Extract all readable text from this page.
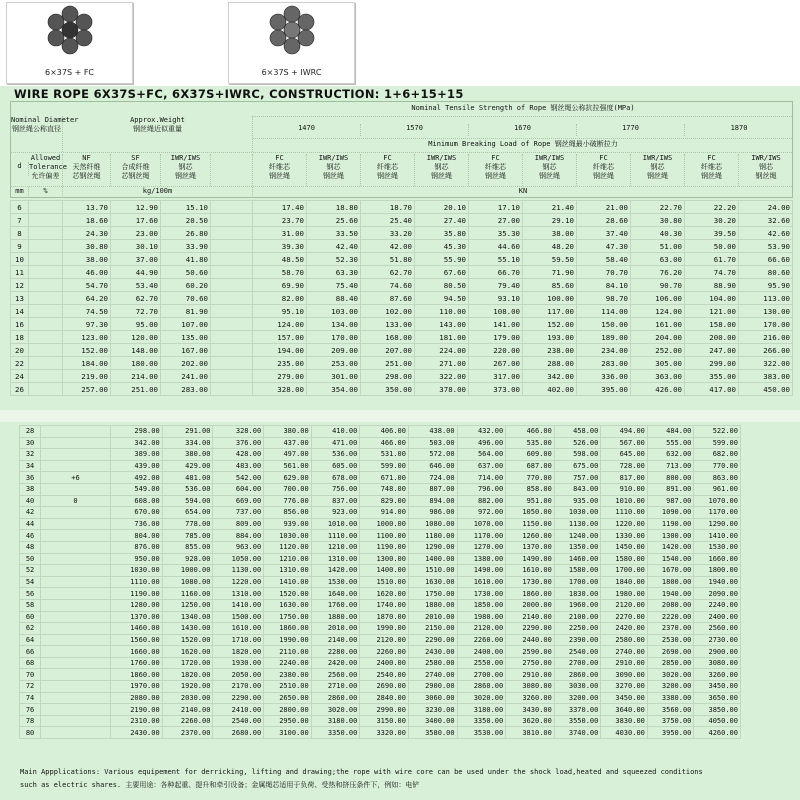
6×37S + FC	6×37S + IWRC
WIRE ROPE 6X37S+FC, 6X37S+IWRC, CONSTRUCTION: 1+6+15+15
Nominal Diameter
钢丝绳公称直径
Approx.Weight
钢丝绳近似重量
Nominal Tensile Strength of Rope 钢丝绳公称抗拉强度(MPa)
1470	1570	1670	1770	1870
Minimum Breaking Load of Rope 钢丝绳最小破断拉力
d
Allowed
Tolerance
允许偏差
NF
天然纤维
芯钢丝绳
SF
合成纤维
芯钢丝绳
IWR/IWS
钢芯
钢丝绳
FC
纤维芯
钢丝绳
IWR/IWS
钢芯
钢丝绳
FC
纤维芯
钢丝绳
IWR/IWS
钢芯
钢丝绳
FC
纤维芯
钢丝绳
IWR/IWS
钢芯
钢丝绳
FC
纤维芯
钢丝绳
IWR/IWS
钢芯
钢丝绳
FC
纤维芯
钢丝绳
IWR/IWS
钢芯
钢丝绳
mm	%	kg/100m	KN
6		13.70	12.90	15.10		17.40	18.80	18.70	20.10	17.10	21.40	21.00	22.70	22.20	24.00
7		18.60	17.60	20.50		23.70	25.60	25.40	27.40	27.00	29.10	28.60	30.80	30.20	32.60
8		24.30	23.00	26.80		31.00	33.50	33.20	35.80	35.30	38.00	37.40	40.30	39.50	42.60
9		30.80	30.10	33.90		39.30	42.40	42.00	45.30	44.60	48.20	47.30	51.00	50.00	53.90
10		38.00	37.00	41.80		48.50	52.30	51.80	55.90	55.10	59.50	58.40	63.00	61.70	66.60
11		46.00	44.90	50.60		58.70	63.30	62.70	67.60	66.70	71.90	70.70	76.20	74.70	80.60
12		54.70	53.40	60.20		69.90	75.40	74.60	80.50	79.40	85.60	84.10	90.70	88.90	95.90
13		64.20	62.70	70.60		82.00	88.40	87.60	94.50	93.10	100.00	98.70	106.00	104.00	113.00
14		74.50	72.70	81.90		95.10	103.00	102.00	110.00	108.00	117.00	114.00	124.00	121.00	130.00
16		97.30	95.00	107.00		124.00	134.00	133.00	143.00	141.00	152.00	150.00	161.00	158.00	170.00
18		123.00	120.00	135.00		157.00	170.00	168.00	181.00	179.00	193.00	189.00	204.00	200.00	216.00
20		152.00	148.00	167.00		194.00	209.00	207.00	224.00	220.00	238.00	234.00	252.00	247.00	266.00
22		184.00	180.00	202.00		235.00	253.00	251.00	271.00	267.00	288.00	283.00	305.00	299.00	322.00
24		219.00	214.00	241.00		279.00	301.00	298.00	322.00	317.00	342.00	336.00	363.00	355.00	383.00
26		257.00	251.00	283.00		328.00	354.00	350.00	378.00	373.00	402.00	395.00	426.00	417.00	450.00
28		298.00	291.00	328.00	380.00	410.00	406.00	438.00	432.00	466.00	458.00	494.00	484.00	522.00
30		342.00	334.00	376.00	437.00	471.00	466.00	503.00	496.00	535.00	526.00	567.00	555.00	599.00
32		389.00	380.00	428.00	497.00	536.00	531.00	572.00	564.00	609.00	598.00	645.00	632.00	682.00
34		439.00	429.00	483.00	561.00	605.00	599.00	646.00	637.00	687.00	675.00	728.00	713.00	770.00
36	+6	492.00	481.00	542.00	629.00	678.00	671.00	724.00	714.00	770.00	757.00	817.00	800.00	863.00
38		549.00	536.00	604.00	700.00	756.00	748.00	807.00	796.00	858.00	843.00	910.00	891.00	961.00
40	0	608.00	594.00	669.00	776.00	837.00	829.00	894.00	882.00	951.00	935.00	1010.00	987.00	1070.00
42		670.00	654.00	737.00	856.00	923.00	914.00	986.00	972.00	1050.00	1030.00	1110.00	1090.00	1170.00
44		736.00	778.00	809.00	939.00	1010.00	1000.00	1080.00	1070.00	1150.00	1130.00	1220.00	1190.00	1290.00
46		804.00	785.00	884.00	1030.00	1110.00	1100.00	1180.00	1170.00	1260.00	1240.00	1330.00	1300.00	1410.00
48		876.00	855.00	963.00	1120.00	1210.00	1190.00	1290.00	1270.00	1370.00	1350.00	1450.00	1420.00	1530.00
50		950.00	928.00	1050.00	1210.00	1310.00	1300.00	1400.00	1380.00	1490.00	1460.00	1580.00	1540.00	1660.00
52		1030.00	1000.00	1130.00	1310.00	1420.00	1400.00	1510.00	1490.00	1610.00	1580.00	1700.00	1670.00	1800.00
54		1110.00	1080.00	1220.00	1410.00	1530.00	1510.00	1630.00	1610.00	1730.00	1700.00	1840.00	1800.00	1940.00
56		1190.00	1160.00	1310.00	1520.00	1640.00	1620.00	1750.00	1730.00	1860.00	1830.00	1980.00	1940.00	2090.00
58		1280.00	1250.00	1410.00	1630.00	1760.00	1740.00	1880.00	1850.00	2000.00	1960.00	2120.00	2080.00	2240.00
60		1370.00	1340.00	1500.00	1750.00	1880.00	1870.00	2010.00	1980.00	2140.00	2100.00	2270.00	2220.00	2400.00
62		1460.00	1430.00	1610.00	1860.00	2010.00	1990.00	2150.00	2120.00	2290.00	2250.00	2420.00	2370.00	2560.00
64		1560.00	1520.00	1710.00	1990.00	2140.00	2120.00	2290.00	2260.00	2440.00	2390.00	2580.00	2530.00	2730.00
66		1660.00	1620.00	1820.00	2110.00	2280.00	2260.00	2430.00	2400.00	2590.00	2540.00	2740.00	2690.00	2900.00
68		1760.00	1720.00	1930.00	2240.00	2420.00	2400.00	2580.00	2550.00	2750.00	2700.00	2910.00	2850.00	3080.00
70		1860.00	1820.00	2050.00	2380.00	2560.00	2540.00	2740.00	2700.00	2910.00	2860.00	3090.00	3020.00	3260.00
72		1970.00	1920.00	2170.00	2510.00	2710.00	2690.00	2900.00	2860.00	3080.00	3030.00	3270.00	3200.00	3450.00
74		2080.00	2030.00	2290.00	2650.00	2860.00	2840.00	3060.00	3020.00	3260.00	3200.00	3450.00	3380.00	3650.00
76		2190.00	2140.00	2410.00	2800.00	3020.00	2990.00	3230.00	3180.00	3430.00	3370.00	3640.00	3560.00	3850.00
78		2310.00	2260.00	2540.00	2950.00	3180.00	3150.00	3400.00	3350.00	3620.00	3550.00	3830.00	3750.00	4050.00
80		2430.00	2370.00	2680.00	3100.00	3350.00	3320.00	3580.00	3530.00	3810.00	3740.00	4030.00	3950.00	4260.00
Main Appplications: Various equipement for derricking, lifting and drawing;the rope with wire core can be used under the shock load,heated and squeezed conditions
such as electric shares. 主要用途：各种起重、提升和牵引设备；金属绳芯适用于负荷、受热和挤压条件下，例如：电铲
